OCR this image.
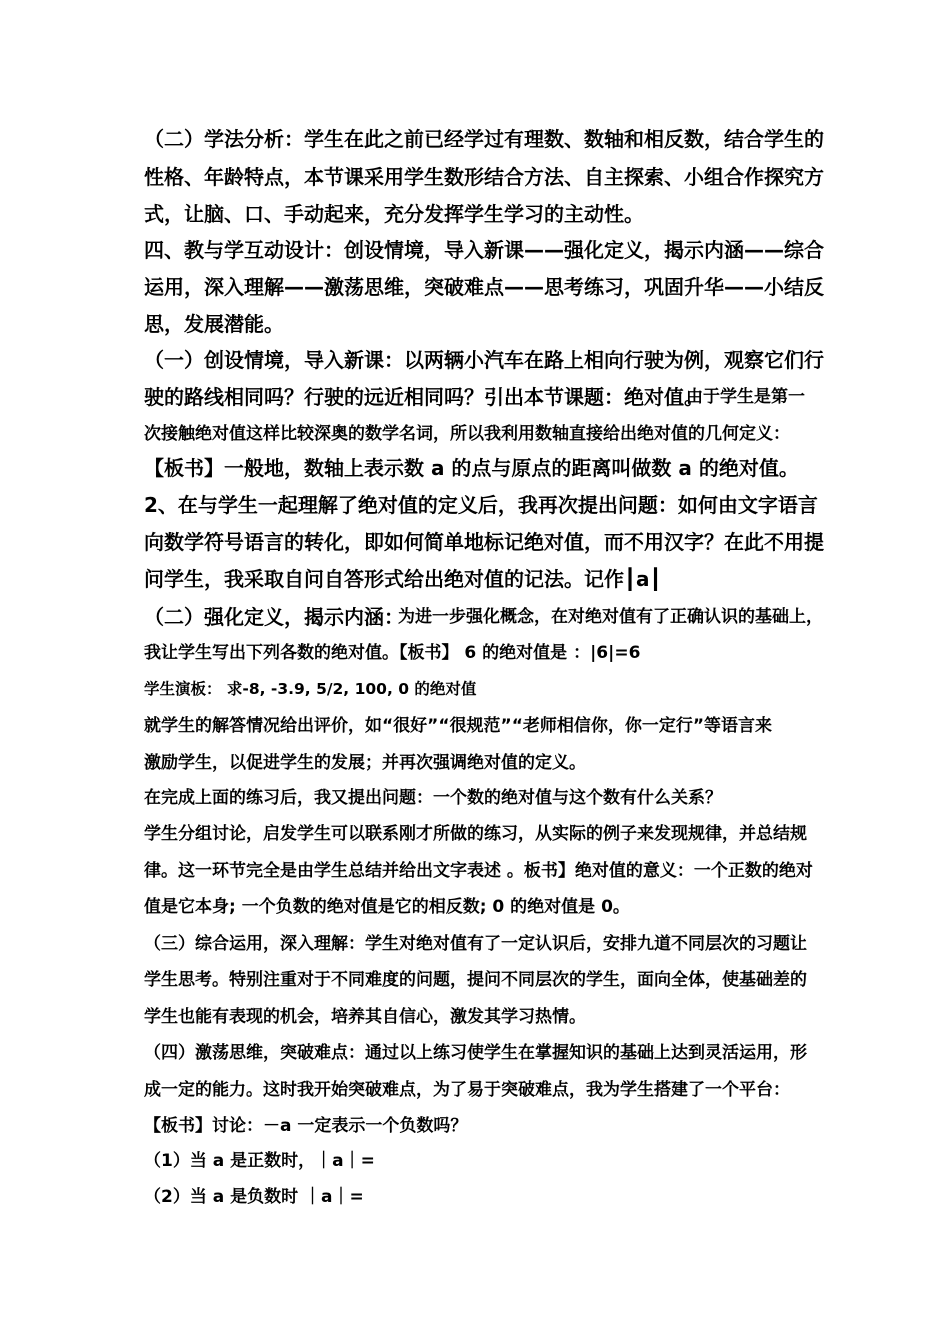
（二）学法分析：学生在此之前已经学过有理数、数轴和相反数，结合学生的
性格、年龄特点，本节课采用学生数形结合方法、自主探索、小组合作探究方
式，让脑、口、手动起来，充分发挥学生学习的主动性。
四、教与学互动设计：创设情境，导入新课——强化定义，揭示内涵——综合
运用，深入理解——激荡思维，突破难点——思考练习，巩固升华——小结反
思，发展潜能。
（一）创设情境，导入新课：以两辆小汽车在路上相向行驶为例，观察它们行
驶的路线相同吗？行驶的远近相同吗？引出本节课题：绝对值。
由于学生是第一
次接触绝对值这样比较深奥的数学名词，所以我利用数轴直接给出绝对值的几何定义：
【板书】一般地，数轴上表示数 a 的点与原点的距离叫做数 a 的绝对值。
2、在与学生一起理解了绝对值的定义后，我再次提出问题：如何由文字语言
向数学符号语言的转化，即如何简单地标记绝对值，而不用汉字？在此不用提
问学生，我采取自问自答形式给出绝对值的记法。记作┃a┃
（二）强化定义，揭示内涵：
为进一步强化概念，在对绝对值有了正确认识的基础上，
我让学生写出下列各数的绝对值。【板书】 6 的绝对值是 ：|6|=6
学生演板： 求-8, -3.9, 5/2, 100, 0 的绝对值
就学生的解答情况给出评价，如“很好”“很规范”“老师相信你，你一定行”等语言来
激励学生，以促进学生的发展；并再次强调绝对值的定义。
在完成上面的练习后，我又提出问题：一个数的绝对值与这个数有什么关系？
学生分组讨论，启发学生可以联系刚才所做的练习，从实际的例子来发现规律，并总结规
律。这一环节完全是由学生总结并给出文字表述 。板书】绝对值的意义：一个正数的绝对
值是它本身; 一个负数的绝对值是它的相反数; 0 的绝对值是 0。
（三）综合运用，深入理解：学生对绝对值有了一定认识后，安排九道不同层次的习题让
学生思考。特别注重对于不同难度的问题，提问不同层次的学生，面向全体，使基础差的
学生也能有表现的机会，培养其自信心，激发其学习热情。
（四）激荡思维，突破难点：通过以上练习使学生在掌握知识的基础上达到灵活运用，形
成一定的能力。这时我开始突破难点，为了易于突破难点，我为学生搭建了一个平台：
【板书】讨论：－a 一定表示一个负数吗？
（1）当 a 是正数时，｜a｜=
（2）当 a 是负数时 ｜a｜=
